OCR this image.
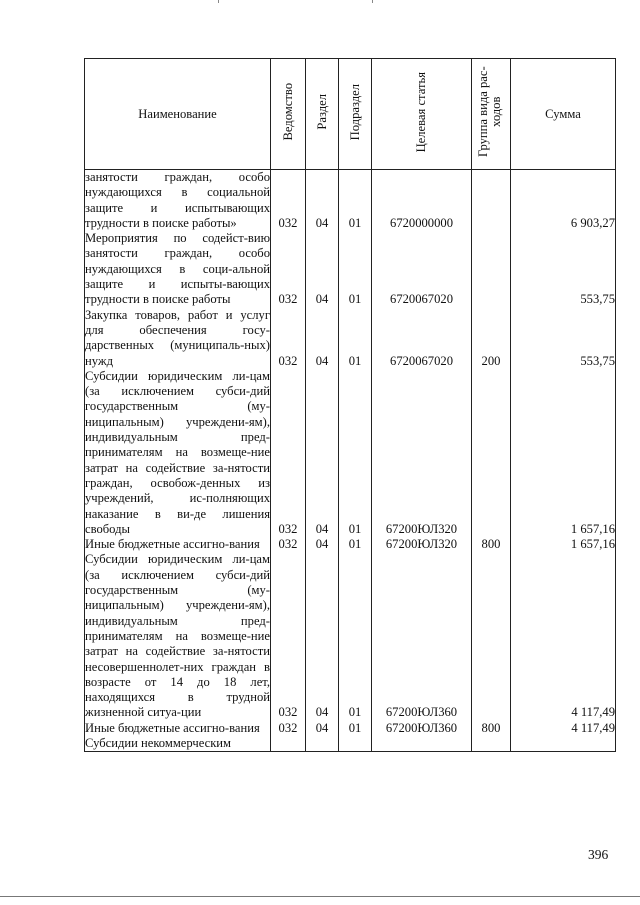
Наименование	Ведомство	Раздел	Подраздел	Целевая статья	Группа вида рас-ходов	Сумма
занятости граждан, особо нуждающихся в социальной защите и испытывающих трудности в поиске работы»	032	04	01	6720000000		6 903,27
Мероприятия по содейст-вию занятости граждан, особо нуждающихся в соци-альной защите и испыты-вающих трудности в поиске работы	032	04	01	6720067020		553,75
Закупка товаров, работ и услуг для обеспечения госу-дарственных (муниципаль-ных) нужд	032	04	01	6720067020	200	553,75
Субсидии юридическим ли-цам (за исключением субси-дий государственным (му-ниципальным) учреждени-ям), индивидуальным пред-принимателям на возмеще-ние затрат на содействие за-нятости граждан, освобож-денных из учреждений, ис-полняющих наказание в ви-де лишения свободы	032	04	01	67200ЮЛ320		1 657,16
Иные бюджетные ассигно-вания	032	04	01	67200ЮЛ320	800	1 657,16
Субсидии юридическим ли-цам (за исключением субси-дий государственным (му-ниципальным) учреждени-ям), индивидуальным пред-принимателям на возмеще-ние затрат на содействие за-нятости несовершеннолет-них граждан в возрасте от 14 до 18 лет, находящихся в трудной жизненной ситуа-ции	032	04	01	67200ЮЛ360		4 117,49
Иные бюджетные ассигно-вания	032	04	01	67200ЮЛ360	800	4 117,49
Субсидии некоммерческим						
396
